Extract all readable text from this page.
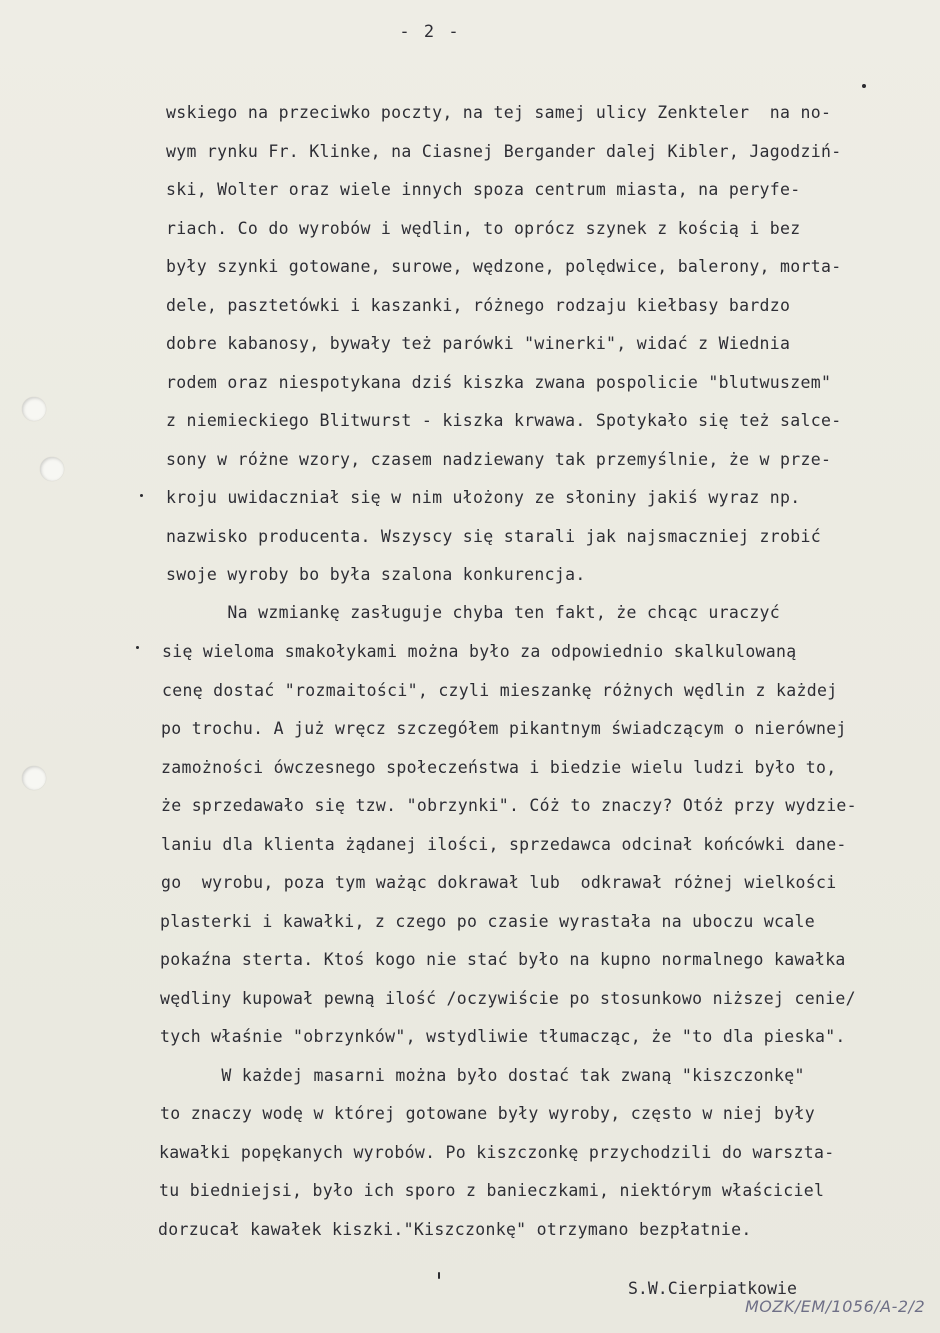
- 2 -
wskiego na przeciwko poczty, na tej samej ulicy Zenkteler  na no-
wym rynku Fr. Klinke, na Ciasnej Bergander dalej Kibler, Jagodziń-
ski, Wolter oraz wiele innych spoza centrum miasta, na peryfe-
riach. Co do wyrobów i wędlin, to oprócz szynek z kością i bez
były szynki gotowane, surowe, wędzone, polędwice, balerony, morta-
dele, pasztetówki i kaszanki, różnego rodzaju kiełbasy bardzo
dobre kabanosy, bywały też parówki "winerki", widać z Wiednia
rodem oraz niespotykana dziś kiszka zwana pospolicie "blutwuszem"
z niemieckiego Blitwurst - kiszka krwawa. Spotykało się też salce-
sony w różne wzory, czasem nadziewany tak przemyślnie, że w prze-
kroju uwidaczniał się w nim ułożony ze słoniny jakiś wyraz np.
nazwisko producenta. Wszyscy się starali jak najsmaczniej zrobić
swoje wyroby bo była szalona konkurencja.
Na wzmiankę zasługuje chyba ten fakt, że chcąc uraczyć
się wieloma smakołykami można było za odpowiednio skalkulowaną
cenę dostać "rozmaitości", czyli mieszankę różnych wędlin z każdej
po trochu. A już wręcz szczegółem pikantnym świadczącym o nierównej
zamożności ówczesnego społeczeństwa i biedzie wielu ludzi było to,
że sprzedawało się tzw. "obrzynki". Cóż to znaczy? Otóż przy wydzie-
laniu dla klienta żądanej ilości, sprzedawca odcinał końcówki dane-
go  wyrobu, poza tym ważąc dokrawał lub  odkrawał różnej wielkości
plasterki i kawałki, z czego po czasie wyrastała na uboczu wcale
pokaźna sterta. Ktoś kogo nie stać było na kupno normalnego kawałka
wędliny kupował pewną ilość /oczywiście po stosunkowo niższej cenie/
tych właśnie "obrzynków", wstydliwie tłumacząc, że "to dla pieska".
W każdej masarni można było dostać tak zwaną "kiszczonkę"
to znaczy wodę w której gotowane były wyroby, często w niej były
kawałki popękanych wyrobów. Po kiszczonkę przychodzili do warszta-
tu biedniejsi, było ich sporo z banieczkami, niektórym właściciel
dorzucał kawałek kiszki."Kiszczonkę" otrzymano bezpłatnie.
S.W.Cierpiatkowie
MOZK/EM/1056/A-2/2
